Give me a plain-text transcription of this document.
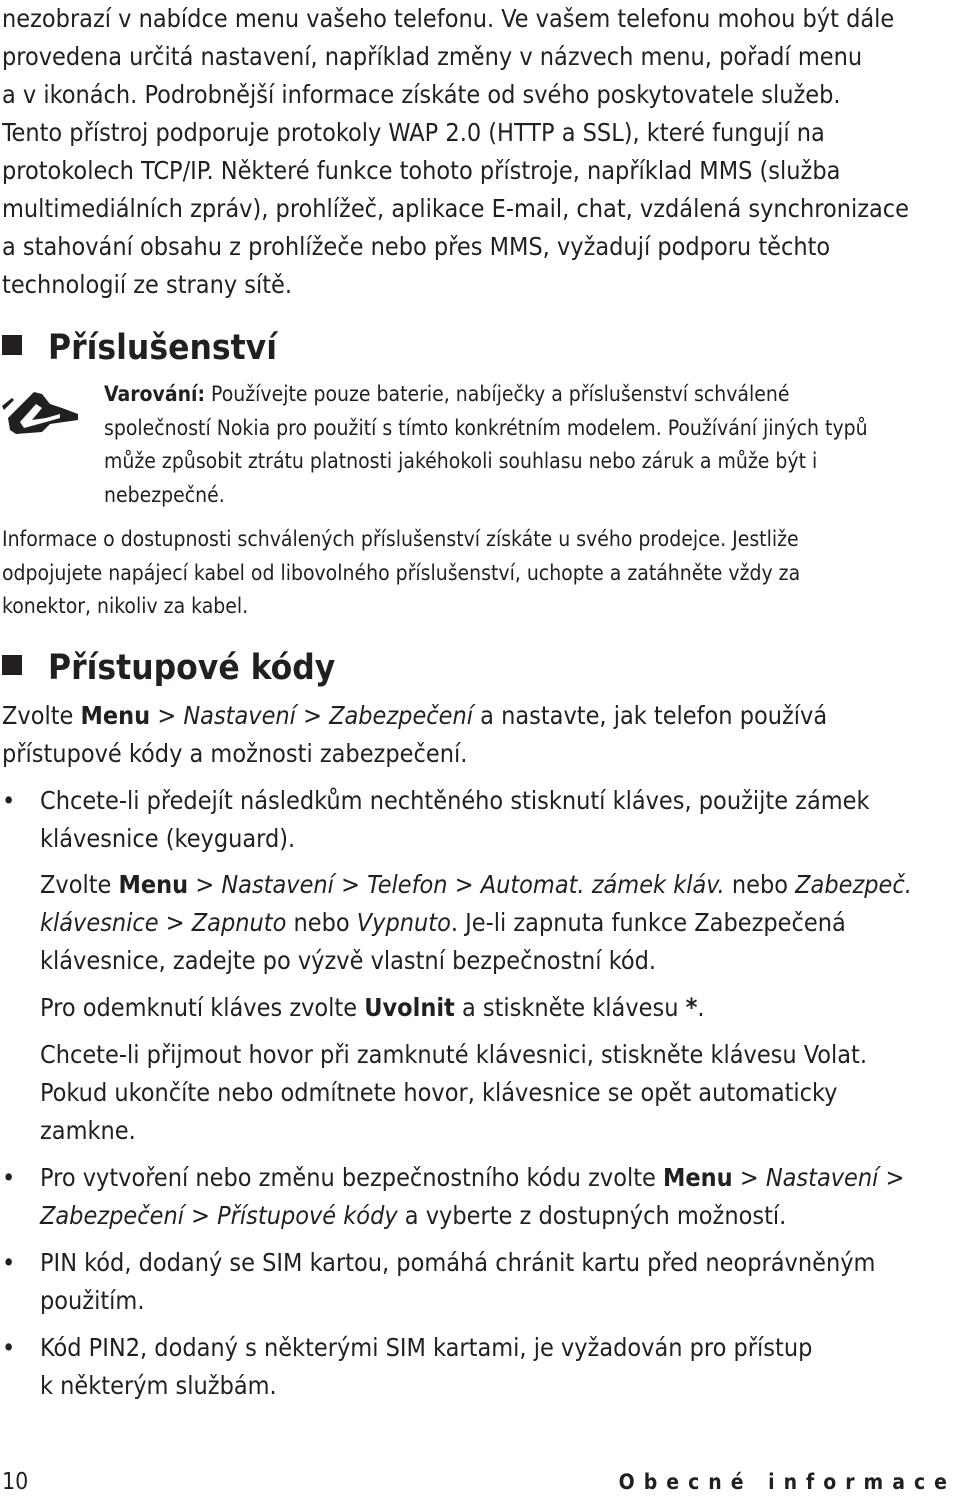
nezobrazí v nabídce menu vašeho telefonu. Ve vašem telefonu mohou být dále
provedena určitá nastavení, například změny v názvech menu, pořadí menu
a v ikonách. Podrobnější informace získáte od svého poskytovatele služeb.
Tento přístroj podporuje protokoly WAP 2.0 (HTTP a SSL), které fungují na
protokolech TCP/IP. Některé funkce tohoto přístroje, například MMS (služba
multimediálních zpráv), prohlížeč, aplikace E-mail, chat, vzdálená synchronizace
a stahování obsahu z prohlížeče nebo přes MMS, vyžadují podporu těchto
technologií ze strany sítě.
Příslušenství
Varování: Používejte pouze baterie, nabíječky a příslušenství schválené
společností Nokia pro použití s tímto konkrétním modelem. Používání jiných typů
může způsobit ztrátu platnosti jakéhokoli souhlasu nebo záruk a může být i
nebezpečné.
Informace o dostupnosti schválených příslušenství získáte u svého prodejce. Jestliže
odpojujete napájecí kabel od libovolného příslušenství, uchopte a zatáhněte vždy za
konektor, nikoliv za kabel.
Přístupové kódy
Zvolte Menu > Nastavení > Zabezpečení a nastavte, jak telefon používá
přístupové kódy a možnosti zabezpečení.
• Chcete-li předejít následkům nechtěného stisknutí kláves, použijte zámek
klávesnice (keyguard).
Zvolte Menu > Nastavení > Telefon > Automat. zámek kláv. nebo Zabezpeč.
klávesnice > Zapnuto nebo Vypnuto. Je-li zapnuta funkce Zabezpečená
klávesnice, zadejte po výzvě vlastní bezpečnostní kód.
Pro odemknutí kláves zvolte Uvolnit a stiskněte klávesu *.
Chcete-li přijmout hovor při zamknuté klávesnici, stiskněte klávesu Volat.
Pokud ukončíte nebo odmítnete hovor, klávesnice se opět automaticky
zamkne.
• Pro vytvoření nebo změnu bezpečnostního kódu zvolte Menu > Nastavení >
Zabezpečení > Přístupové kódy a vyberte z dostupných možností.
• PIN kód, dodaný se SIM kartou, pomáhá chránit kartu před neoprávněným
použitím.
• Kód PIN2, dodaný s některými SIM kartami, je vyžadován pro přístup
k některým službám.
10	Obecné informace
